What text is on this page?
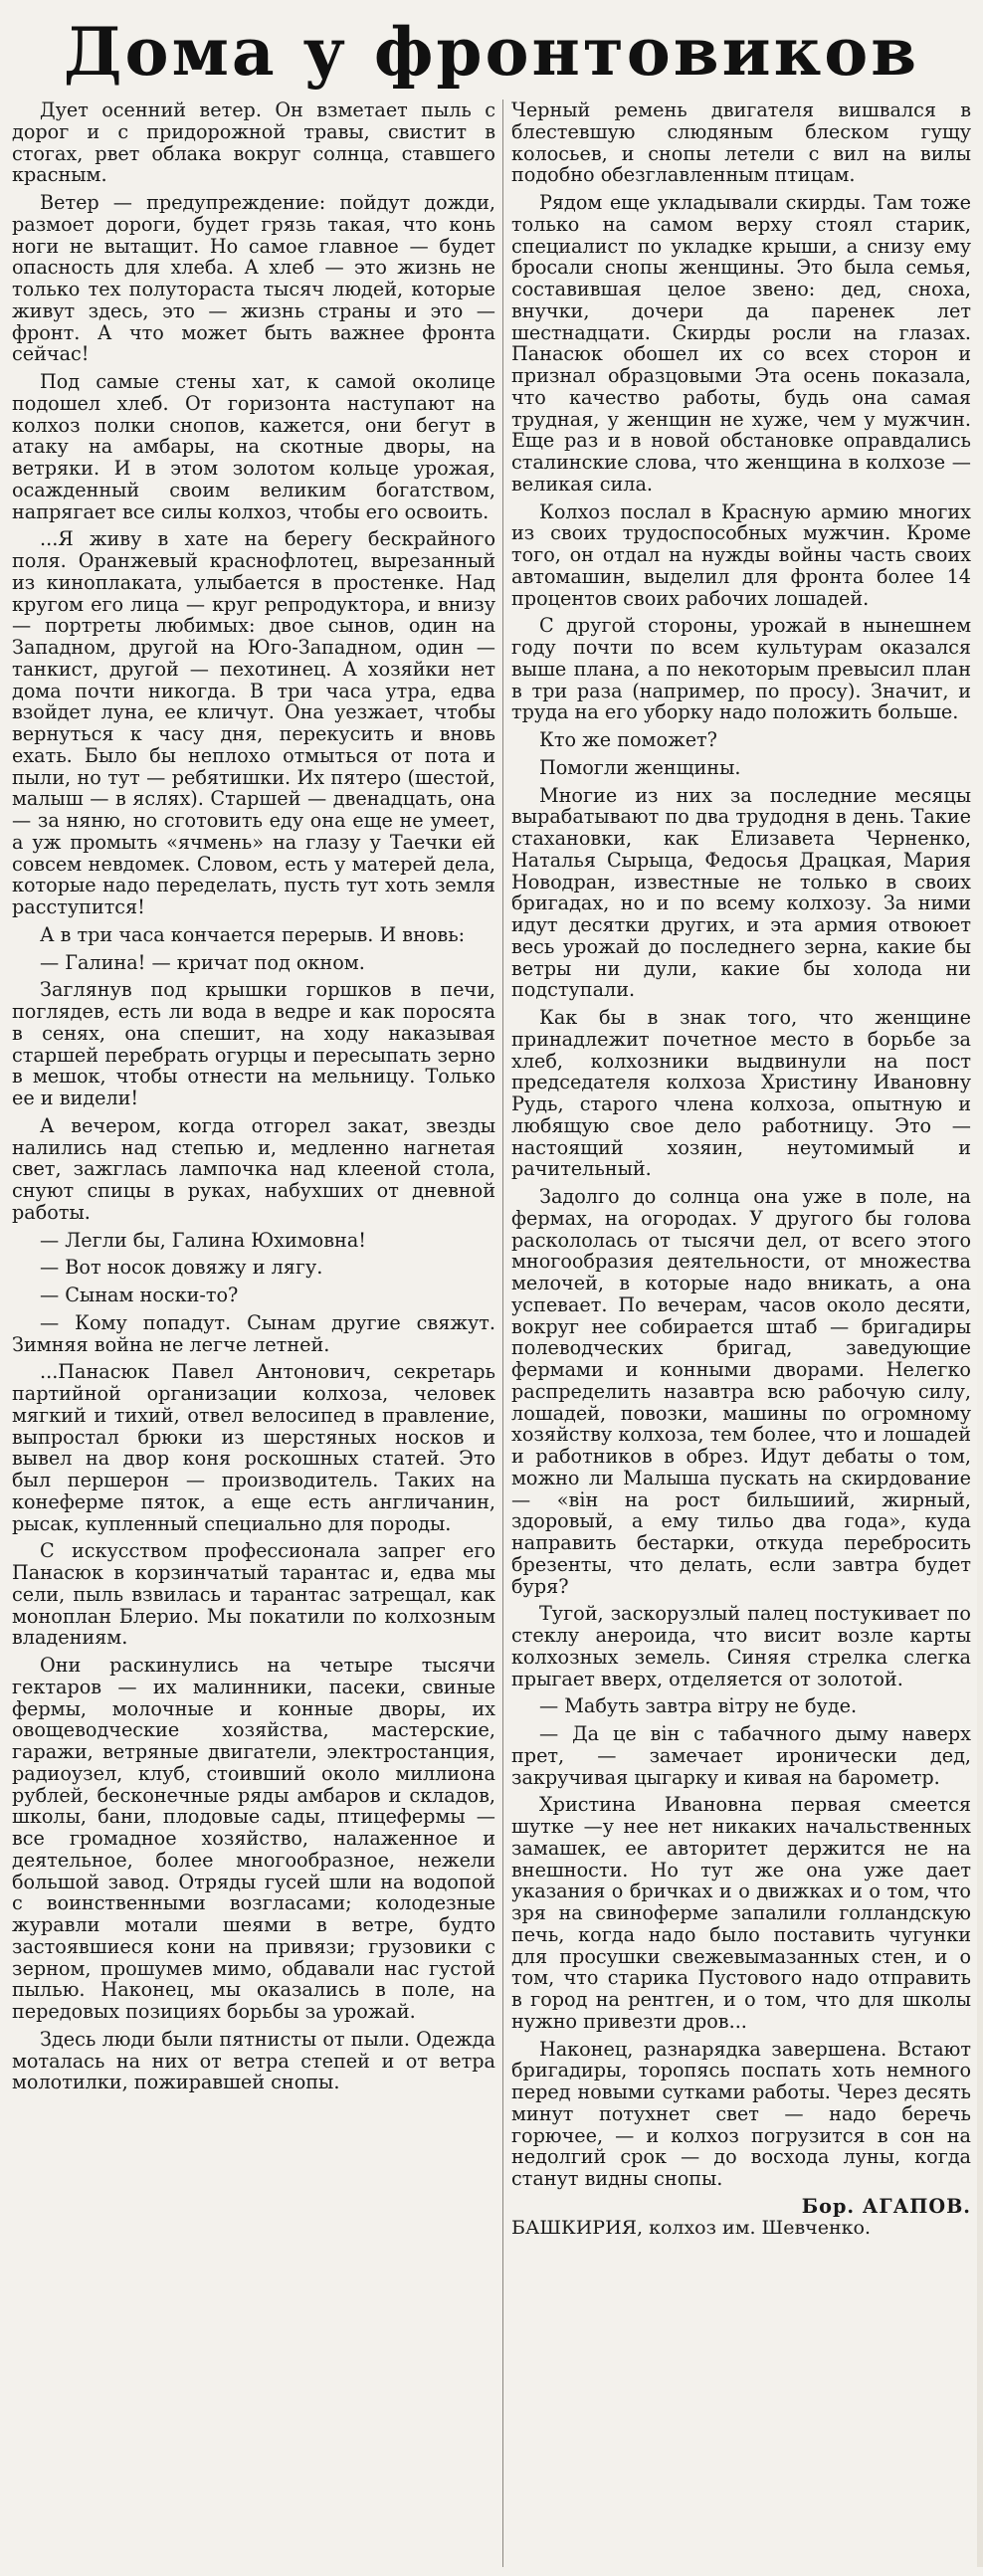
Дома у фронтовиков

Дует осенний ветер. Он взметает пыль с дорог и с придорожной травы, свистит в стогах, рвет облака вокруг солнца, ставшего красным.

Ветер — предупреждение: пойдут дожди, размоет дороги, будет грязь такая, что конь ноги не вытащит. Но самое главное — будет опасность для хлеба. А хлеб — это жизнь не только тех полутораста тысяч людей, которые живут здесь, это — жизнь страны и это — фронт. А что может быть важнее фронта сейчас!

Под самые стены хат, к самой околице подошел хлеб. От горизонта наступают на колхоз полки снопов, кажется, они бегут в атаку на амбары, на скотные дворы, на ветряки. И в этом золотом кольце урожая, осажденный своим великим богатством, напрягает все силы колхоз, чтобы его освоить.

...Я живу в хате на берегу бескрайного поля. Оранжевый краснофлотец, вырезанный из киноплаката, улыбается в простенке. Над кругом его лица — круг репродуктора, и внизу — портреты любимых: двое сынов, один на Западном, другой на Юго-Западном, один — танкист, другой — пехотинец. А хозяйки нет дома почти никогда. В три часа утра, едва взойдет луна, ее кличут. Она уезжает, чтобы вернуться к часу дня, перекусить и вновь ехать. Было бы неплохо отмыться от пота и пыли, но тут — ребятишки. Их пятеро (шестой, малыш — в яслях). Старшей — двенадцать, она — за няню, но сготовить еду она еще не умеет, а уж промыть «ячмень» на глазу у Таечки ей совсем невдомек. Словом, есть у матерей дела, которые надо переделать, пусть тут хоть земля расступится!

А в три часа кончается перерыв. И вновь:

— Галина! — кричат под окном.

Заглянув под крышки горшков в печи, поглядев, есть ли вода в ведре и как поросята в сенях, она спешит, на ходу наказывая старшей перебрать огурцы и пересыпать зерно в мешок, чтобы отнести на мельницу. Только ее и видели!

А вечером, когда отгорел закат, звезды налились над степью и, медленно нагнетая свет, зажглась лампочка над клееной стола, снуют спицы в руках, набухших от дневной работы.

— Легли бы, Галина Юхимовна!

— Вот носок довяжу и лягу.

— Сынам носки-то?

— Кому попадут. Сынам другие свяжут. Зимняя война не легче летней.

...Панасюк Павел Антонович, секретарь партийной организации колхоза, человек мягкий и тихий, отвел велосипед в правление, выпростал брюки из шерстяных носков и вывел на двор коня роскошных статей. Это был першерон — производитель. Таких на конеферме пяток, а еще есть англичанин, рысак, купленный специально для породы.

С искусством профессионала запрег его Панасюк в корзинчатый тарантас и, едва мы сели, пыль взвилась и тарантас затрещал, как моноплан Блерио. Мы покатили по колхозным владениям.

Они раскинулись на четыре тысячи гектаров — их малинники, пасеки, свиные фермы, молочные и конные дворы, их овощеводческие хозяйства, мастерские, гаражи, ветряные двигатели, электростанция, радиоузел, клуб, стоивший около миллиона рублей, бесконечные ряды амбаров и складов, школы, бани, плодовые сады, птицефермы — все громадное хозяйство, налаженное и деятельное, более многообразное, нежели большой завод. Отряды гусей шли на водопой с воинственными возгласами; колодезные журавли мотали шеями в ветре, будто застоявшиеся кони на привязи; грузовики с зерном, прошумев мимо, обдавали нас густой пылью. Наконец, мы оказались в поле, на передовых позициях борьбы за урожай.

Здесь люди были пятнисты от пыли. Одежда моталась на них от ветра степей и от ветра молотилки, пожиравшей снопы.

Черный ремень двигателя вишвался в блестевшую слюдяным блеском гущу колосьев, и снопы летели с вил на вилы подобно обезглавленным птицам.

Рядом еще укладывали скирды. Там тоже только на самом верху стоял старик, специалист по укладке крыши, а снизу ему бросали снопы женщины. Это была семья, составившая целое звено: дед, сноха, внучки, дочери да паренек лет шестнадцати. Скирды росли на глазах. Панасюк обошел их со всех сторон и признал образцовыми Эта осень показала, что качество работы, будь она самая трудная, у женщин не хуже, чем у мужчин. Еще раз и в новой обстановке оправдались сталинские слова, что женщина в колхозе — великая сила.

Колхоз послал в Красную армию многих из своих трудоспособных мужчин. Кроме того, он отдал на нужды войны часть своих автомашин, выделил для фронта более 14 процентов своих рабочих лошадей.

С другой стороны, урожай в нынешнем году почти по всем культурам оказался выше плана, а по некоторым превысил план в три раза (например, по просу). Значит, и труда на его уборку надо положить больше.

Кто же поможет?

Помогли женщины.

Многие из них за последние месяцы вырабатывают по два трудодня в день. Такие стахановки, как Елизавета Черненко, Наталья Сырыца, Федосья Драцкая, Мария Новодран, известные не только в своих бригадах, но и по всему колхозу. За ними идут десятки других, и эта армия отвоюет весь урожай до последнего зерна, какие бы ветры ни дули, какие бы холода ни подступали.

Как бы в знак того, что женщине принадлежит почетное место в борьбе за хлеб, колхозники выдвинули на пост председателя колхоза Христину Ивановну Рудь, старого члена колхоза, опытную и любящую свое дело работницу. Это — настоящий хозяин, неутомимый и рачительный.

Задолго до солнца она уже в поле, на фермах, на огородах. У другого бы голова раскололась от тысячи дел, от всего этого многообразия деятельности, от множества мелочей, в которые надо вникать, а она успевает. По вечерам, часов около десяти, вокруг нее собирается штаб — бригадиры полеводческих бригад, заведующие фермами и конными дворами. Нелегко распределить назавтра всю рабочую силу, лошадей, повозки, машины по огромному хозяйству колхоза, тем более, что и лошадей и работников в обрез. Идут дебаты о том, можно ли Малыша пускать на скирдование — «він на рост бильшиий, жирный, здоровый, а ему тильо два года», куда направить бестарки, откуда перебросить брезенты, что делать, если завтра будет буря?

Тугой, заскорузлый палец постукивает по стеклу анероида, что висит возле карты колхозных земель. Синяя стрелка слегка прыгает вверх, отделяется от золотой.

— Мабуть завтра вітру не буде.

— Да це він с табачного дыму наверх прет, — замечает иронически дед, закручивая цыгарку и кивая на барометр.

Христина Ивановна первая смеется шутке —у нее нет никаких начальственных замашек, ее авторитет держится не на внешности. Но тут же она уже дает указания о бричках и о движках и о том, что зря на свиноферме запалили голландскую печь, когда надо было поставить чугунки для просушки свежевымазанных стен, и о том, что старика Пустового надо отправить в город на рентген, и о том, что для школы нужно привезти дров...

Наконец, разнарядка завершена. Встают бригадиры, торопясь поспать хоть немного перед новыми сутками работы. Через десять минут потухнет свет — надо беречь горючее, — и колхоз погрузится в сон на недолгий срок — до восхода луны, когда станут видны снопы.

Бор. АГАПОВ.

БАШКИРИЯ, колхоз им. Шевченко.
